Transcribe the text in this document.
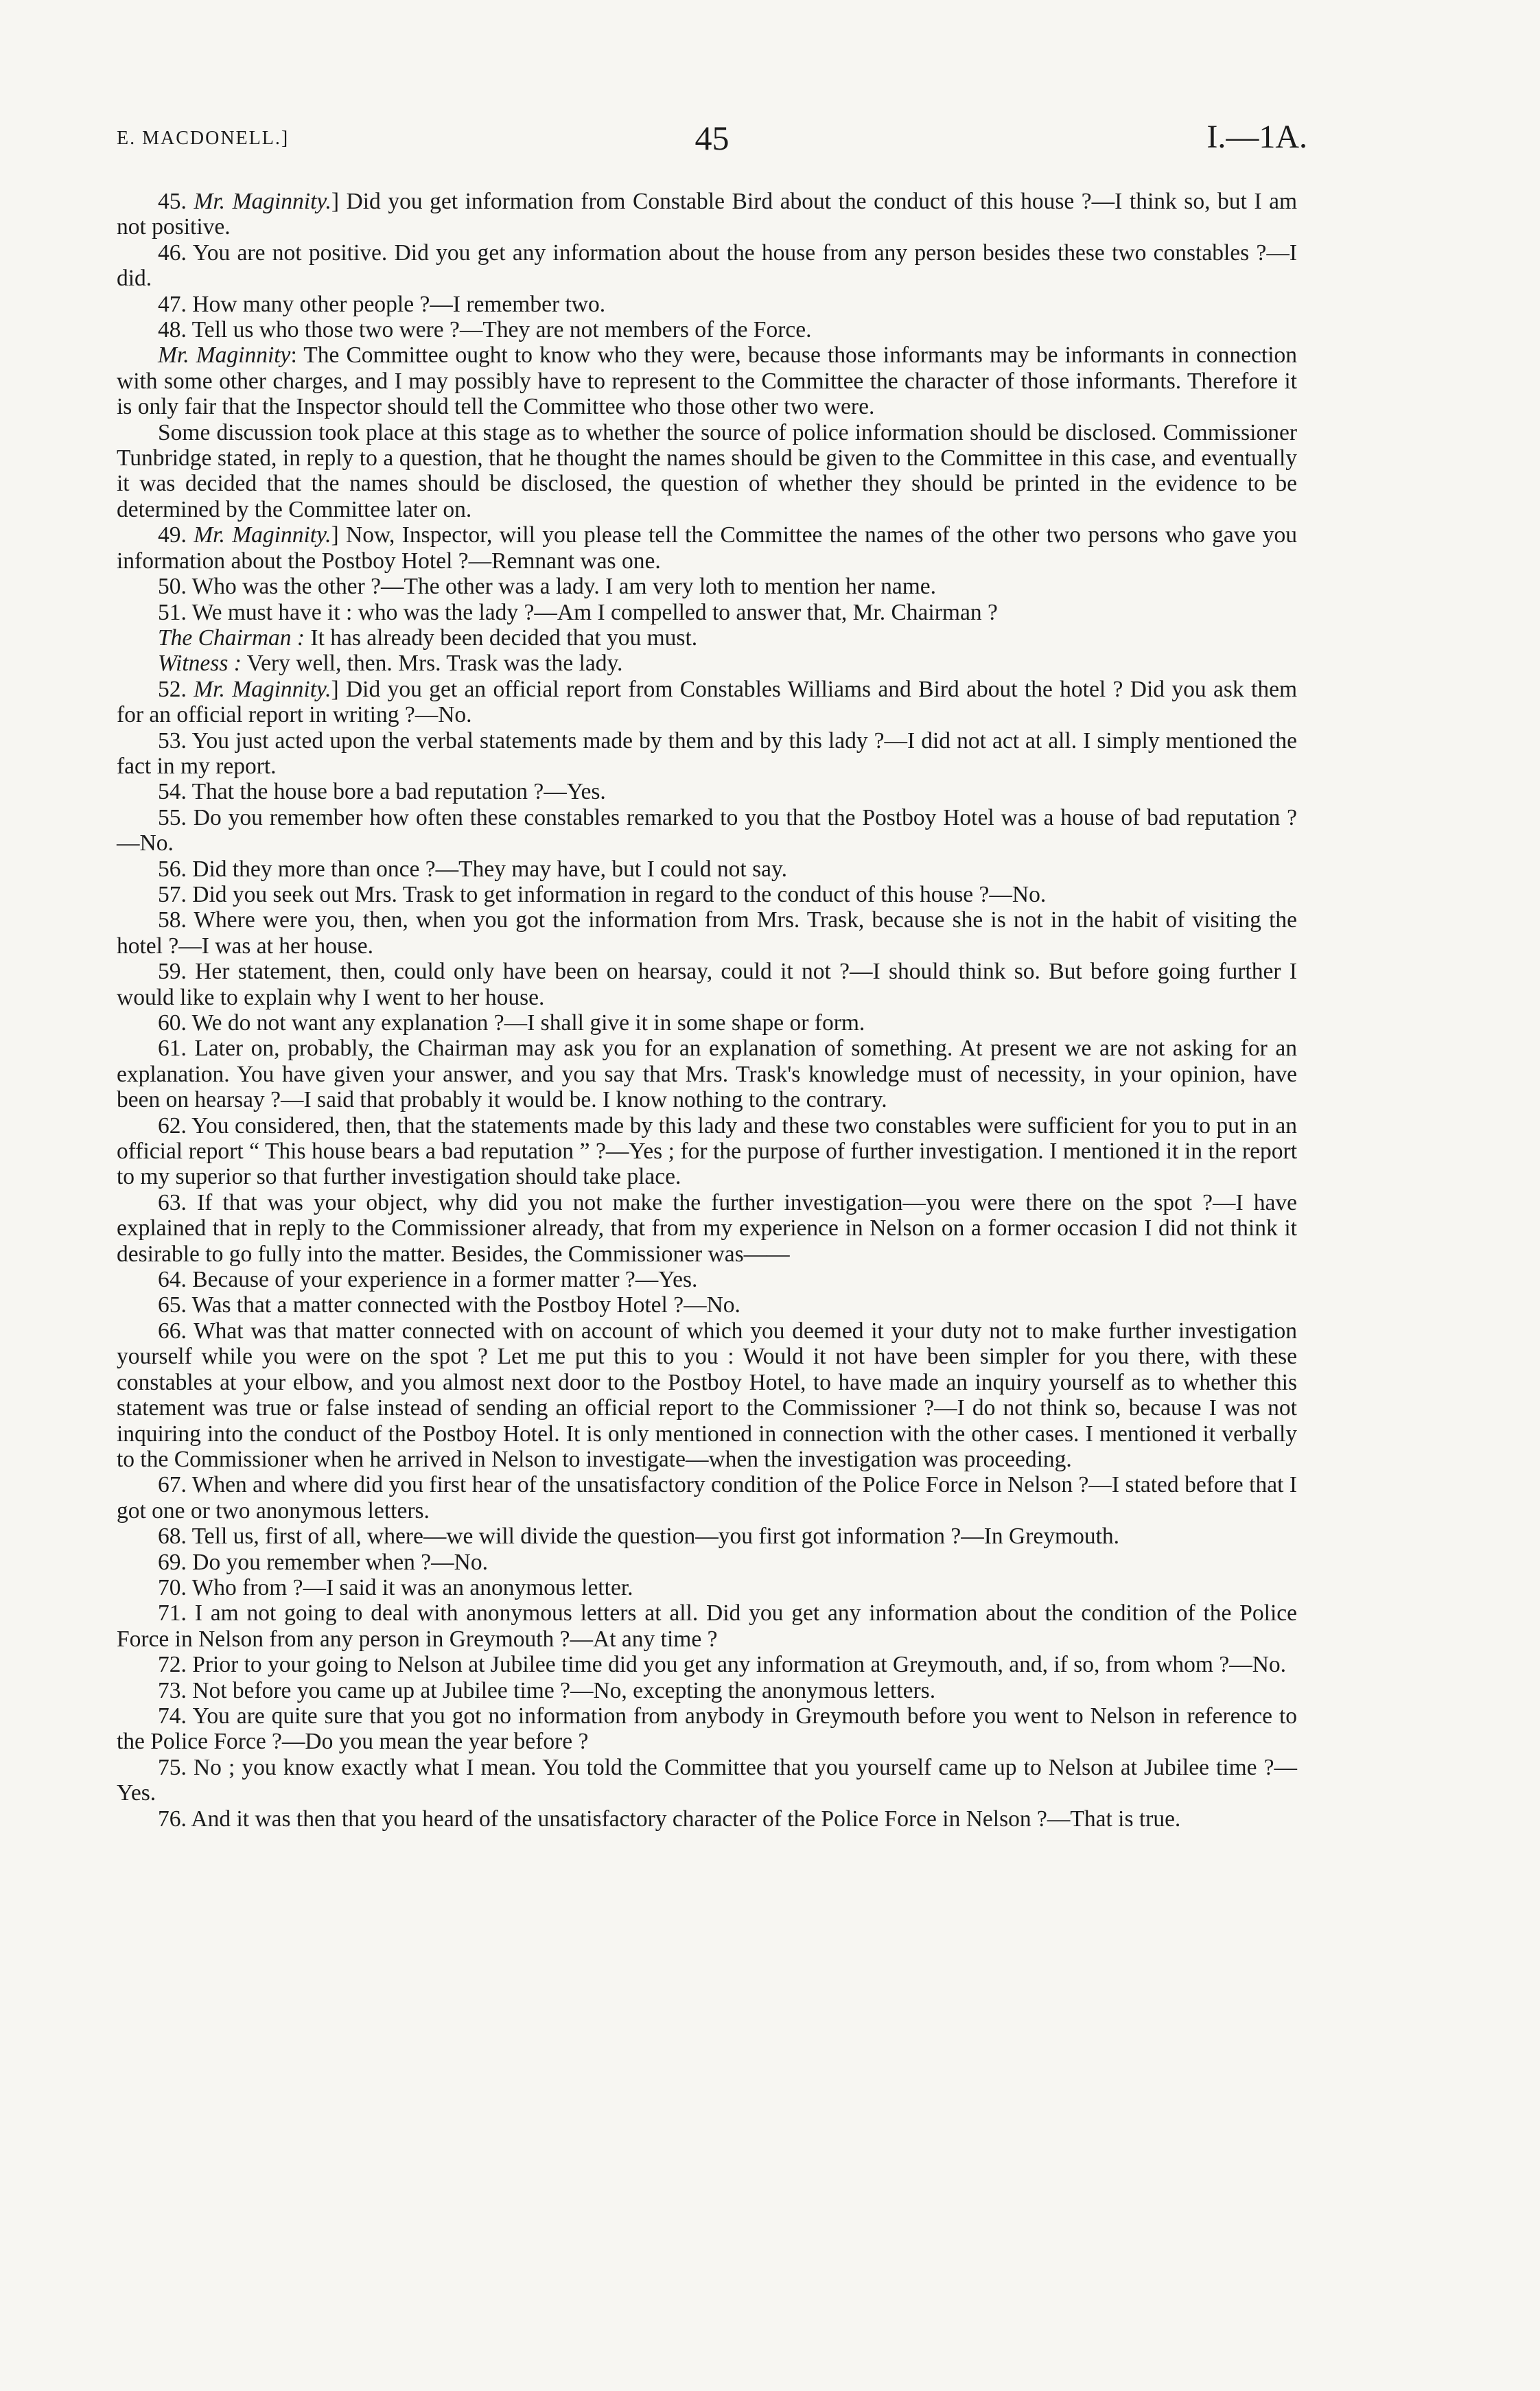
E. MACDONELL.]	45	I.—1A.

45. Mr. Maginnity.] Did you get information from Constable Bird about the conduct of this house ?—I think so, but I am not positive.

46. You are not positive. Did you get any information about the house from any person besides these two constables ?—I did.

47. How many other people ?—I remember two.

48. Tell us who those two were ?—They are not members of the Force.

Mr. Maginnity: The Committee ought to know who they were, because those informants may be informants in connection with some other charges, and I may possibly have to represent to the Committee the character of those informants. Therefore it is only fair that the Inspector should tell the Committee who those other two were.

Some discussion took place at this stage as to whether the source of police information should be disclosed. Commissioner Tunbridge stated, in reply to a question, that he thought the names should be given to the Committee in this case, and eventually it was decided that the names should be disclosed, the question of whether they should be printed in the evidence to be determined by the Committee later on.

49. Mr. Maginnity.] Now, Inspector, will you please tell the Committee the names of the other two persons who gave you information about the Postboy Hotel ?—Remnant was one.

50. Who was the other ?—The other was a lady. I am very loth to mention her name.

51. We must have it : who was the lady ?—Am I compelled to answer that, Mr. Chairman ?

The Chairman : It has already been decided that you must.

Witness : Very well, then. Mrs. Trask was the lady.

52. Mr. Maginnity.] Did you get an official report from Constables Williams and Bird about the hotel ? Did you ask them for an official report in writing ?—No.

53. You just acted upon the verbal statements made by them and by this lady ?—I did not act at all. I simply mentioned the fact in my report.

54. That the house bore a bad reputation ?—Yes.

55. Do you remember how often these constables remarked to you that the Postboy Hotel was a house of bad reputation ?—No.

56. Did they more than once ?—They may have, but I could not say.

57. Did you seek out Mrs. Trask to get information in regard to the conduct of this house ?—No.

58. Where were you, then, when you got the information from Mrs. Trask, because she is not in the habit of visiting the hotel ?—I was at her house.

59. Her statement, then, could only have been on hearsay, could it not ?—I should think so. But before going further I would like to explain why I went to her house.

60. We do not want any explanation ?—I shall give it in some shape or form.

61. Later on, probably, the Chairman may ask you for an explanation of something. At present we are not asking for an explanation. You have given your answer, and you say that Mrs. Trask's knowledge must of necessity, in your opinion, have been on hearsay ?—I said that probably it would be. I know nothing to the contrary.

62. You considered, then, that the statements made by this lady and these two constables were sufficient for you to put in an official report “ This house bears a bad reputation ” ?—Yes ; for the purpose of further investigation. I mentioned it in the report to my superior so that further investigation should take place.

63. If that was your object, why did you not make the further investigation—you were there on the spot ?—I have explained that in reply to the Commissioner already, that from my experience in Nelson on a former occasion I did not think it desirable to go fully into the matter. Besides, the Commissioner was——

64. Because of your experience in a former matter ?—Yes.

65. Was that a matter connected with the Postboy Hotel ?—No.

66. What was that matter connected with on account of which you deemed it your duty not to make further investigation yourself while you were on the spot ? Let me put this to you : Would it not have been simpler for you there, with these constables at your elbow, and you almost next door to the Postboy Hotel, to have made an inquiry yourself as to whether this statement was true or false instead of sending an official report to the Commissioner ?—I do not think so, because I was not inquiring into the conduct of the Postboy Hotel. It is only mentioned in connection with the other cases. I mentioned it verbally to the Commissioner when he arrived in Nelson to investigate—when the investigation was proceeding.

67. When and where did you first hear of the unsatisfactory condition of the Police Force in Nelson ?—I stated before that I got one or two anonymous letters.

68. Tell us, first of all, where—we will divide the question—you first got information ?—In Greymouth.

69. Do you remember when ?—No.

70. Who from ?—I said it was an anonymous letter.

71. I am not going to deal with anonymous letters at all. Did you get any information about the condition of the Police Force in Nelson from any person in Greymouth ?—At any time ?

72. Prior to your going to Nelson at Jubilee time did you get any information at Greymouth, and, if so, from whom ?—No.

73. Not before you came up at Jubilee time ?—No, excepting the anonymous letters.

74. You are quite sure that you got no information from anybody in Greymouth before you went to Nelson in reference to the Police Force ?—Do you mean the year before ?

75. No ; you know exactly what I mean. You told the Committee that you yourself came up to Nelson at Jubilee time ?—Yes.

76. And it was then that you heard of the unsatisfactory character of the Police Force in Nelson ?—That is true.
